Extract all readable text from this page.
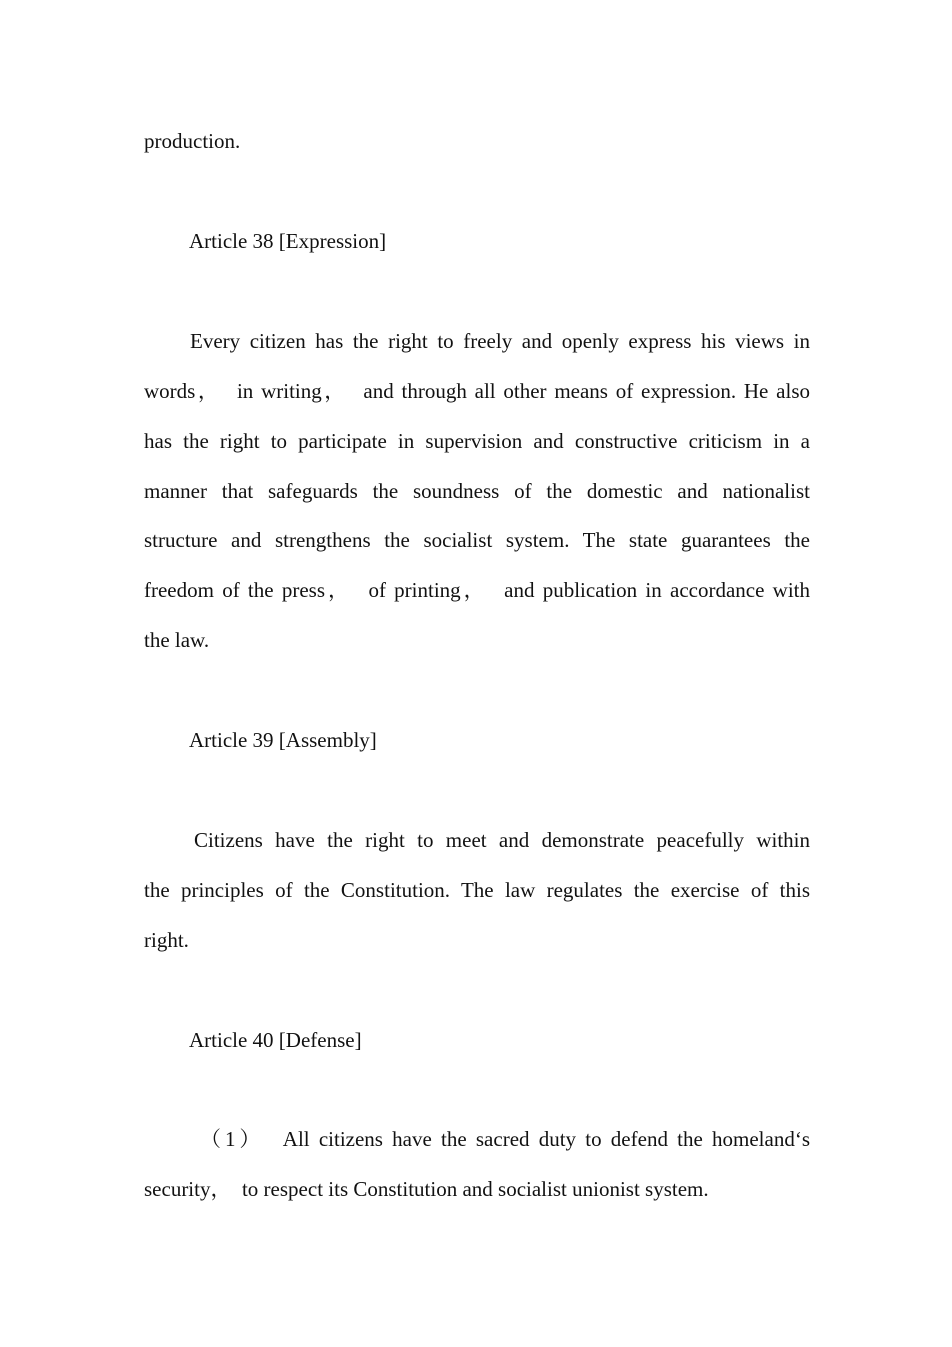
production.
Article 38 [Expression]
Every citizen has the right to freely and openly express his views in
words，  in writing，  and through all other means of expression. He also
has the right to participate in supervision and constructive criticism in a
manner that safeguards the soundness of the domestic and nationalist
structure and strengthens the socialist system. The state guarantees the
freedom of the press，  of printing，  and publication in accordance with
the law.
Article 39 [Assembly]
Citizens have the right to meet and demonstrate peacefully within
the principles of the Constitution. The law regulates the exercise of this
right.
Article 40 [Defense]
（1）  All citizens have the sacred duty to defend the homeland‘s
security，  to respect its Constitution and socialist unionist system.
